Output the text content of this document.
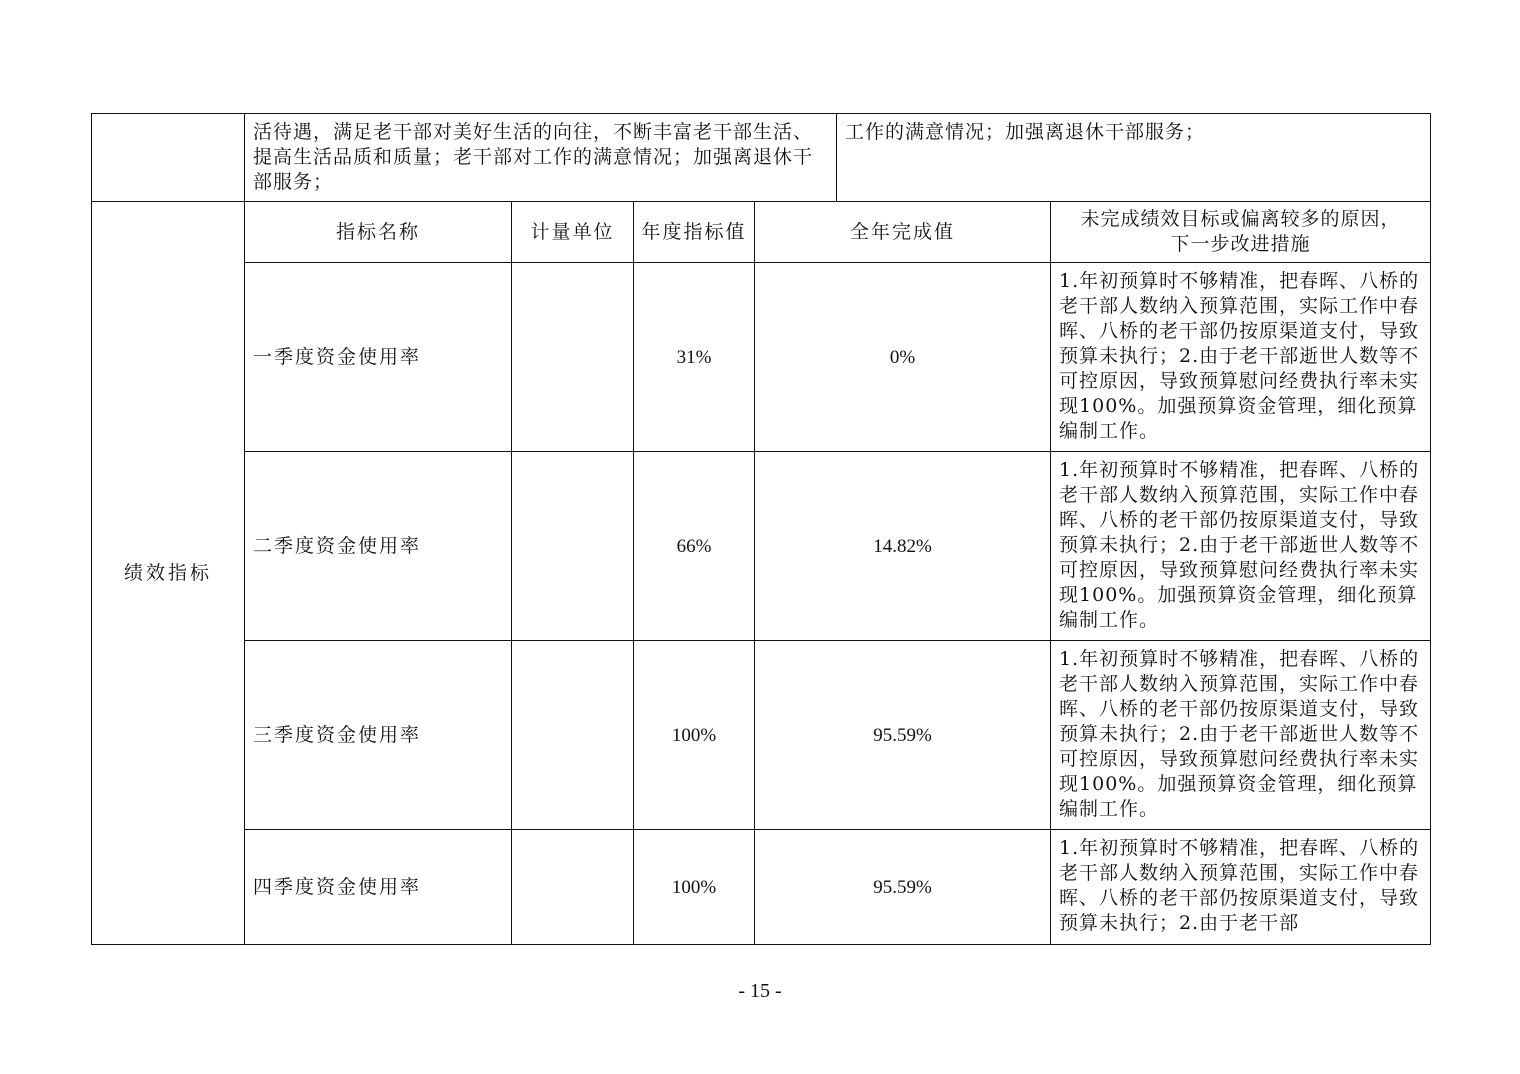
	活待遇，满足老干部对美好生活的向往，不断丰富老干部生活、提高生活品质和质量；老干部对工作的满意情况；加强离退休干部服务；				工作的满意情况；加强离退休干部服务；	
绩效指标	指标名称	计量单位	年度指标值	全年完成值		未完成绩效目标或偏离较多的原因，
下一步改进措施

	一季度资金使用率		31%	0%		1.年初预算时不够精准，把春晖、八桥的老干部人数纳入预算范围，实际工作中春晖、八桥的老干部仍按原渠道支付，导致预算未执行；2.由于老干部逝世人数等不可控原因，导致预算慰问经费执行率未实现100%。加强预算资金管理，细化预算编制工作。
	二季度资金使用率		66%	14.82%		1.年初预算时不够精准，把春晖、八桥的老干部人数纳入预算范围，实际工作中春晖、八桥的老干部仍按原渠道支付，导致预算未执行；2.由于老干部逝世人数等不可控原因，导致预算慰问经费执行率未实现100%。加强预算资金管理，细化预算编制工作。
	三季度资金使用率		100%	95.59%		1.年初预算时不够精准，把春晖、八桥的老干部人数纳入预算范围，实际工作中春晖、八桥的老干部仍按原渠道支付，导致预算未执行；2.由于老干部逝世人数等不可控原因，导致预算慰问经费执行率未实现100%。加强预算资金管理，细化预算编制工作。
	四季度资金使用率		100%	95.59%		1.年初预算时不够精准，把春晖、八桥的老干部人数纳入预算范围，实际工作中春晖、八桥的老干部仍按原渠道支付，导致预算未执行；2.由于老干部
- 15 -
